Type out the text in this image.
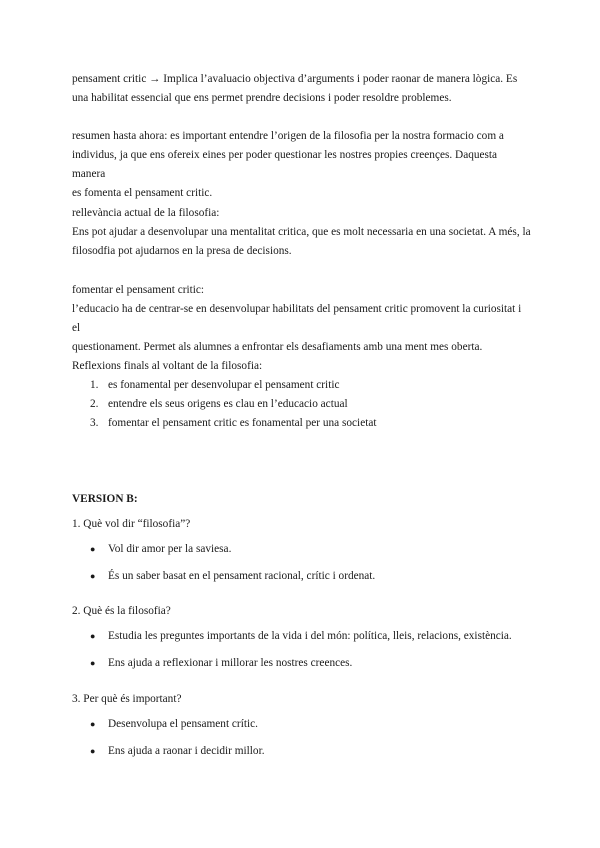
pensament critic → Implica l’avaluacio objectiva d’arguments i poder raonar de manera lògica. Es

una habilitat essencial que ens permet prendre decisions i poder resoldre problemes.

resumen hasta ahora: es important entendre l’origen de la filosofia per la nostra formacio com a

individus, ja que ens ofereix eines per poder questionar les nostres propies creençes. Daquesta manera

es fomenta el pensament critic.

rellevància actual de la filosofia:

Ens pot ajudar a desenvolupar una mentalitat critica, que es molt necessaria en una societat. A més, la

filosodfia pot ajudarnos en la presa de decisions.

fomentar el pensament critic:

l’educacio ha de centrar-se en desenvolupar habilitats del pensament critic promovent la curiositat i el

questionament. Permet als alumnes a enfrontar els desafiaments amb una ment mes oberta.

Reflexions finals al voltant de la filosofia:

1. es fonamental per desenvolupar el pensament critic
2. entendre els seus origens es clau en l’educacio actual
3. fomentar el pensament critic es fonamental per una societat

VERSION B:

1. Què vol dir “filosofia”?

● Vol dir amor per la saviesa.
● És un saber basat en el pensament racional, crític i ordenat.

2. Què és la filosofia?

● Estudia les preguntes importants de la vida i del món: política, lleis, relacions, existència.
● Ens ajuda a reflexionar i millorar les nostres creences.

3. Per què és important?

● Desenvolupa el pensament crític.
● Ens ajuda a raonar i decidir millor.
